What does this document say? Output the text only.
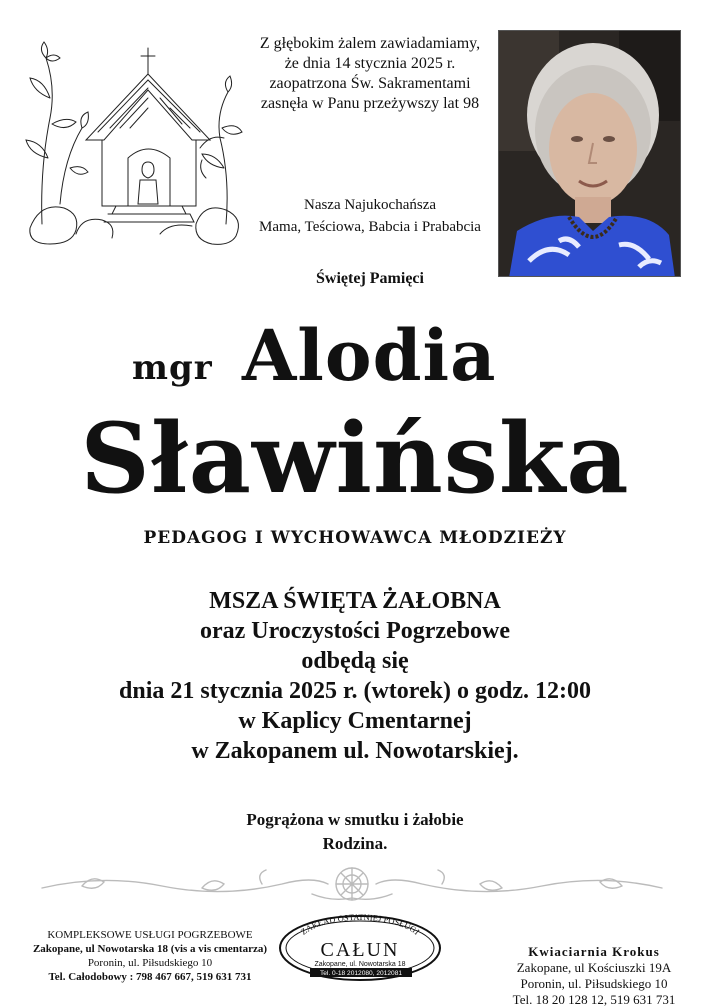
Z głębokim żalem zawiadamiamy,
że dnia 14 stycznia 2025 r.
zaopatrzona Św. Sakramentami
zasnęła w Panu przeżywszy lat 98
Nasza Najukochańsza
Mama, Teściowa, Babcia i Prababcia
Świętej Pamięci
mgr Alodia
Sławińska
PEDAGOG I WYCHOWAWCA MŁODZIEŻY
MSZA ŚWIĘTA ŻAŁOBNA
oraz Uroczystości Pogrzebowe
odbędą się
dnia 21 stycznia 2025 r. (wtorek) o godz. 12:00
w Kaplicy Cmentarnej
w Zakopanem ul. Nowotarskiej.
Pogrążona w smutku i żałobie
Rodzina.
KOMPLEKSOWE USŁUGI POGRZEBOWE
Zakopane, ul Nowotarska 18 (vis a vis cmentarza)
Poronin, ul. Piłsudskiego 10
Tel. Całodobowy : 798 467 667, 519 631 731
ZAKŁAD OSTATNIEJ POSŁUGI
CAŁUN
Zakopane, ul. Nowotarska 18
Tel. 0-18 2012080, 2012081
Kwiaciarnia Krokus
Zakopane, ul Kościuszki 19A
Poronin, ul. Piłsudskiego 10
Tel. 18 20 128 12, 519 631 731
